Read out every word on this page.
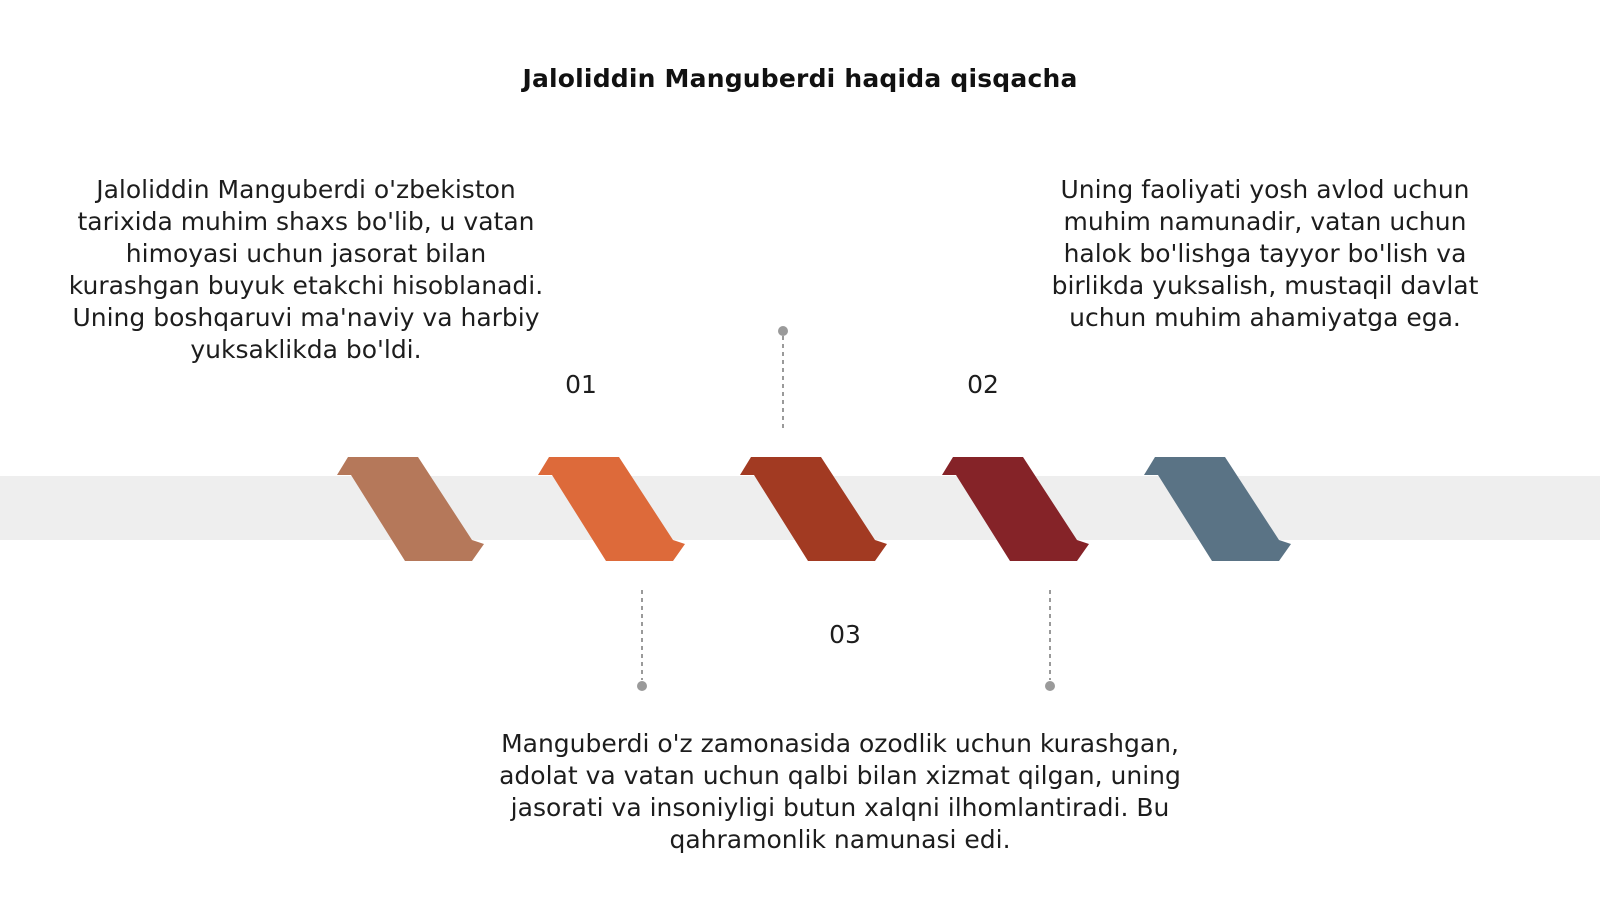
Jaloliddin Manguberdi haqida qisqacha
Jaloliddin Manguberdi o'zbekiston tarixida muhim shaxs bo'lib, u vatan himoyasi uchun jasorat bilan kurashgan buyuk etakchi hisoblanadi. Uning boshqaruvi ma'naviy va harbiy yuksaklikda bo'ldi.
Uning faoliyati yosh avlod uchun muhim namunadir, vatan uchun halok bo'lishga tayyor bo'lish va birlikda yuksalish, mustaqil davlat uchun muhim ahamiyatga ega.
Manguberdi o'z zamonasida ozodlik uchun kurashgan, adolat va vatan uchun qalbi bilan xizmat qilgan, uning jasorati va insoniyligi butun xalqni ilhomlantiradi. Bu qahramonlik namunasi edi.
01	02
03
